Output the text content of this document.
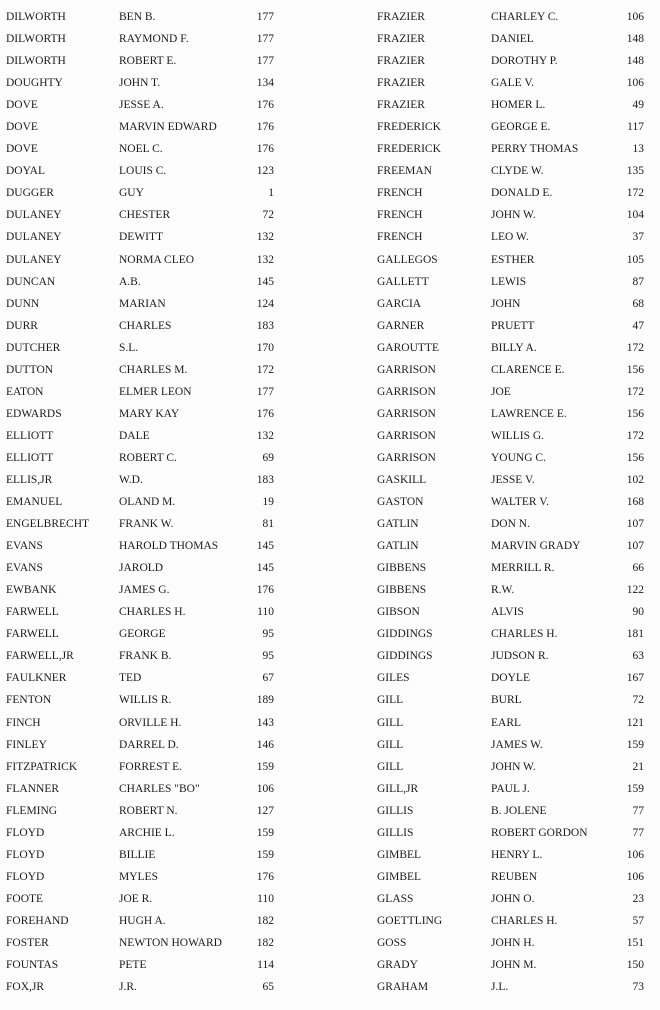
DILWORTH	BEN B.	177
DILWORTH	RAYMOND F.	177
DILWORTH	ROBERT E.	177
DOUGHTY	JOHN T.	134
DOVE	JESSE A.	176
DOVE	MARVIN EDWARD	176
DOVE	NOEL C.	176
DOYAL	LOUIS C.	123
DUGGER	GUY	1
DULANEY	CHESTER	72
DULANEY	DEWITT	132
DULANEY	NORMA CLEO	132
DUNCAN	A.B.	145
DUNN	MARIAN	124
DURR	CHARLES	183
DUTCHER	S.L.	170
DUTTON	CHARLES M.	172
EATON	ELMER LEON	177
EDWARDS	MARY KAY	176
ELLIOTT	DALE	132
ELLIOTT	ROBERT C.	69
ELLIS,JR	W.D.	183
EMANUEL	OLAND M.	19
ENGELBRECHT	FRANK W.	81
EVANS	HAROLD THOMAS	145
EVANS	JAROLD	145
EWBANK	JAMES G.	176
FARWELL	CHARLES H.	110
FARWELL	GEORGE	95
FARWELL,JR	FRANK B.	95
FAULKNER	TED	67
FENTON	WILLIS R.	189
FINCH	ORVILLE H.	143
FINLEY	DARREL D.	146
FITZPATRICK	FORREST E.	159
FLANNER	CHARLES "BO"	106
FLEMING	ROBERT N.	127
FLOYD	ARCHIE L.	159
FLOYD	BILLIE	159
FLOYD	MYLES	176
FOOTE	JOE R.	110
FOREHAND	HUGH A.	182
FOSTER	NEWTON HOWARD	182
FOUNTAS	PETE	114
FOX,JR	J.R.	65
FRAZIER	CHARLEY C.	106
FRAZIER	DANIEL	148
FRAZIER	DOROTHY P.	148
FRAZIER	GALE V.	106
FRAZIER	HOMER L.	49
FREDERICK	GEORGE E.	117
FREDERICK	PERRY THOMAS	13
FREEMAN	CLYDE W.	135
FRENCH	DONALD E.	172
FRENCH	JOHN W.	104
FRENCH	LEO W.	37
GALLEGOS	ESTHER	105
GALLETT	LEWIS	87
GARCIA	JOHN	68
GARNER	PRUETT	47
GAROUTTE	BILLY A.	172
GARRISON	CLARENCE E.	156
GARRISON	JOE	172
GARRISON	LAWRENCE E.	156
GARRISON	WILLIS G.	172
GARRISON	YOUNG C.	156
GASKILL	JESSE V.	102
GASTON	WALTER V.	168
GATLIN	DON N.	107
GATLIN	MARVIN GRADY	107
GIBBENS	MERRILL R.	66
GIBBENS	R.W.	122
GIBSON	ALVIS	90
GIDDINGS	CHARLES H.	181
GIDDINGS	JUDSON R.	63
GILES	DOYLE	167
GILL	BURL	72
GILL	EARL	121
GILL	JAMES W.	159
GILL	JOHN W.	21
GILL,JR	PAUL J.	159
GILLIS	B. JOLENE	77
GILLIS	ROBERT GORDON	77
GIMBEL	HENRY L.	106
GIMBEL	REUBEN	106
GLASS	JOHN O.	23
GOETTLING	CHARLES H.	57
GOSS	JOHN H.	151
GRADY	JOHN M.	150
GRAHAM	J.L.	73
